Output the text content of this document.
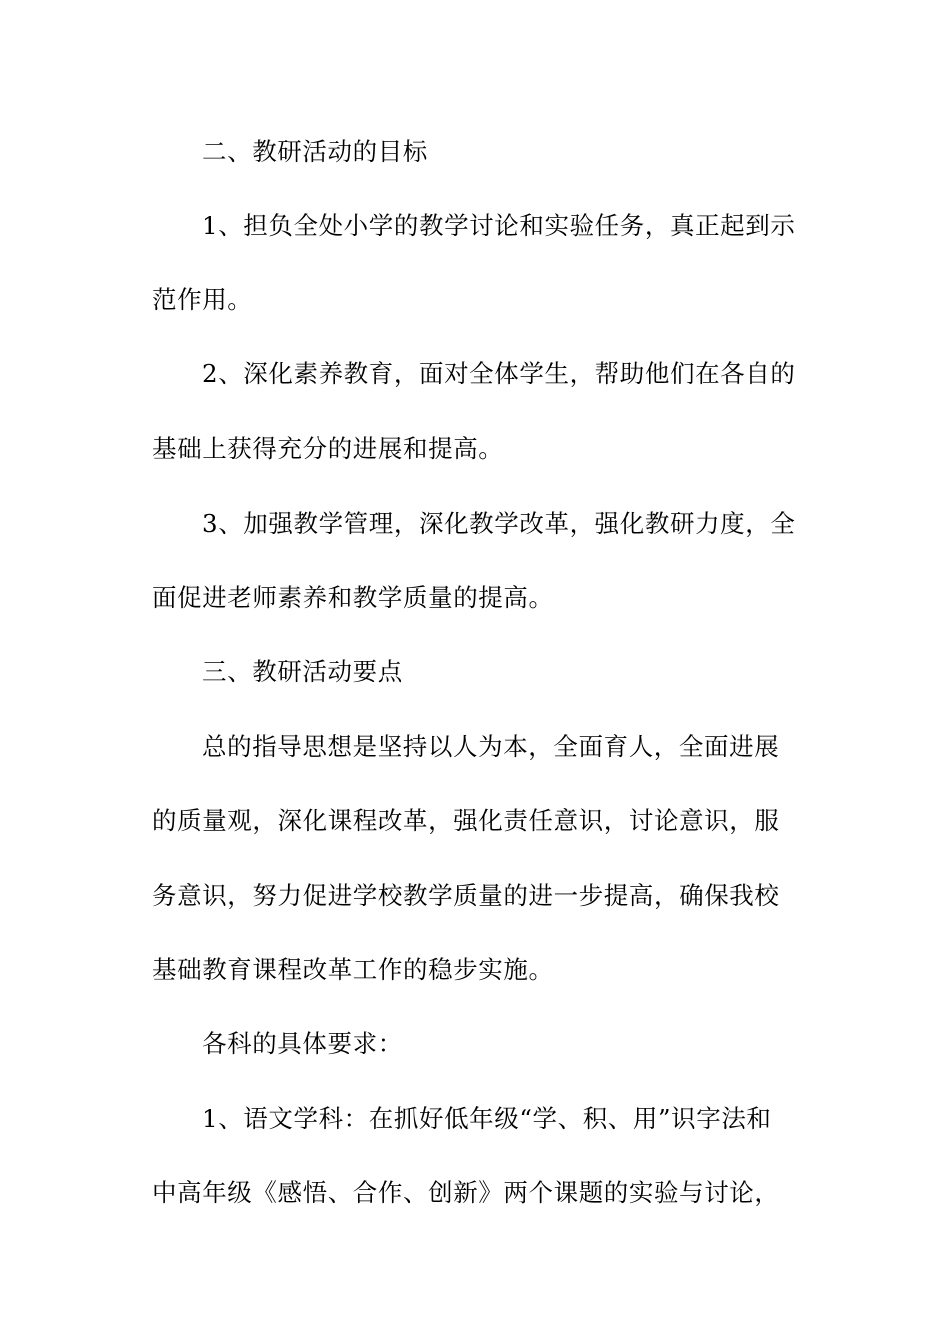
二、教研活动的目标
1、担负全处小学的教学讨论和实验任务，真正起到示
范作用。
2、深化素养教育，面对全体学生，帮助他们在各自的
基础上获得充分的进展和提高。
3、加强教学管理，深化教学改革，强化教研力度，全
面促进老师素养和教学质量的提高。
三、教研活动要点
总的指导思想是坚持以人为本，全面育人，全面进展
的质量观，深化课程改革，强化责任意识，讨论意识，服
务意识，努力促进学校教学质量的进一步提高，确保我校
基础教育课程改革工作的稳步实施。
各科的具体要求：
1、语文学科：在抓好低年级“学、积、用”识字法和
中高年级《感悟、合作、创新》两个课题的实验与讨论，
